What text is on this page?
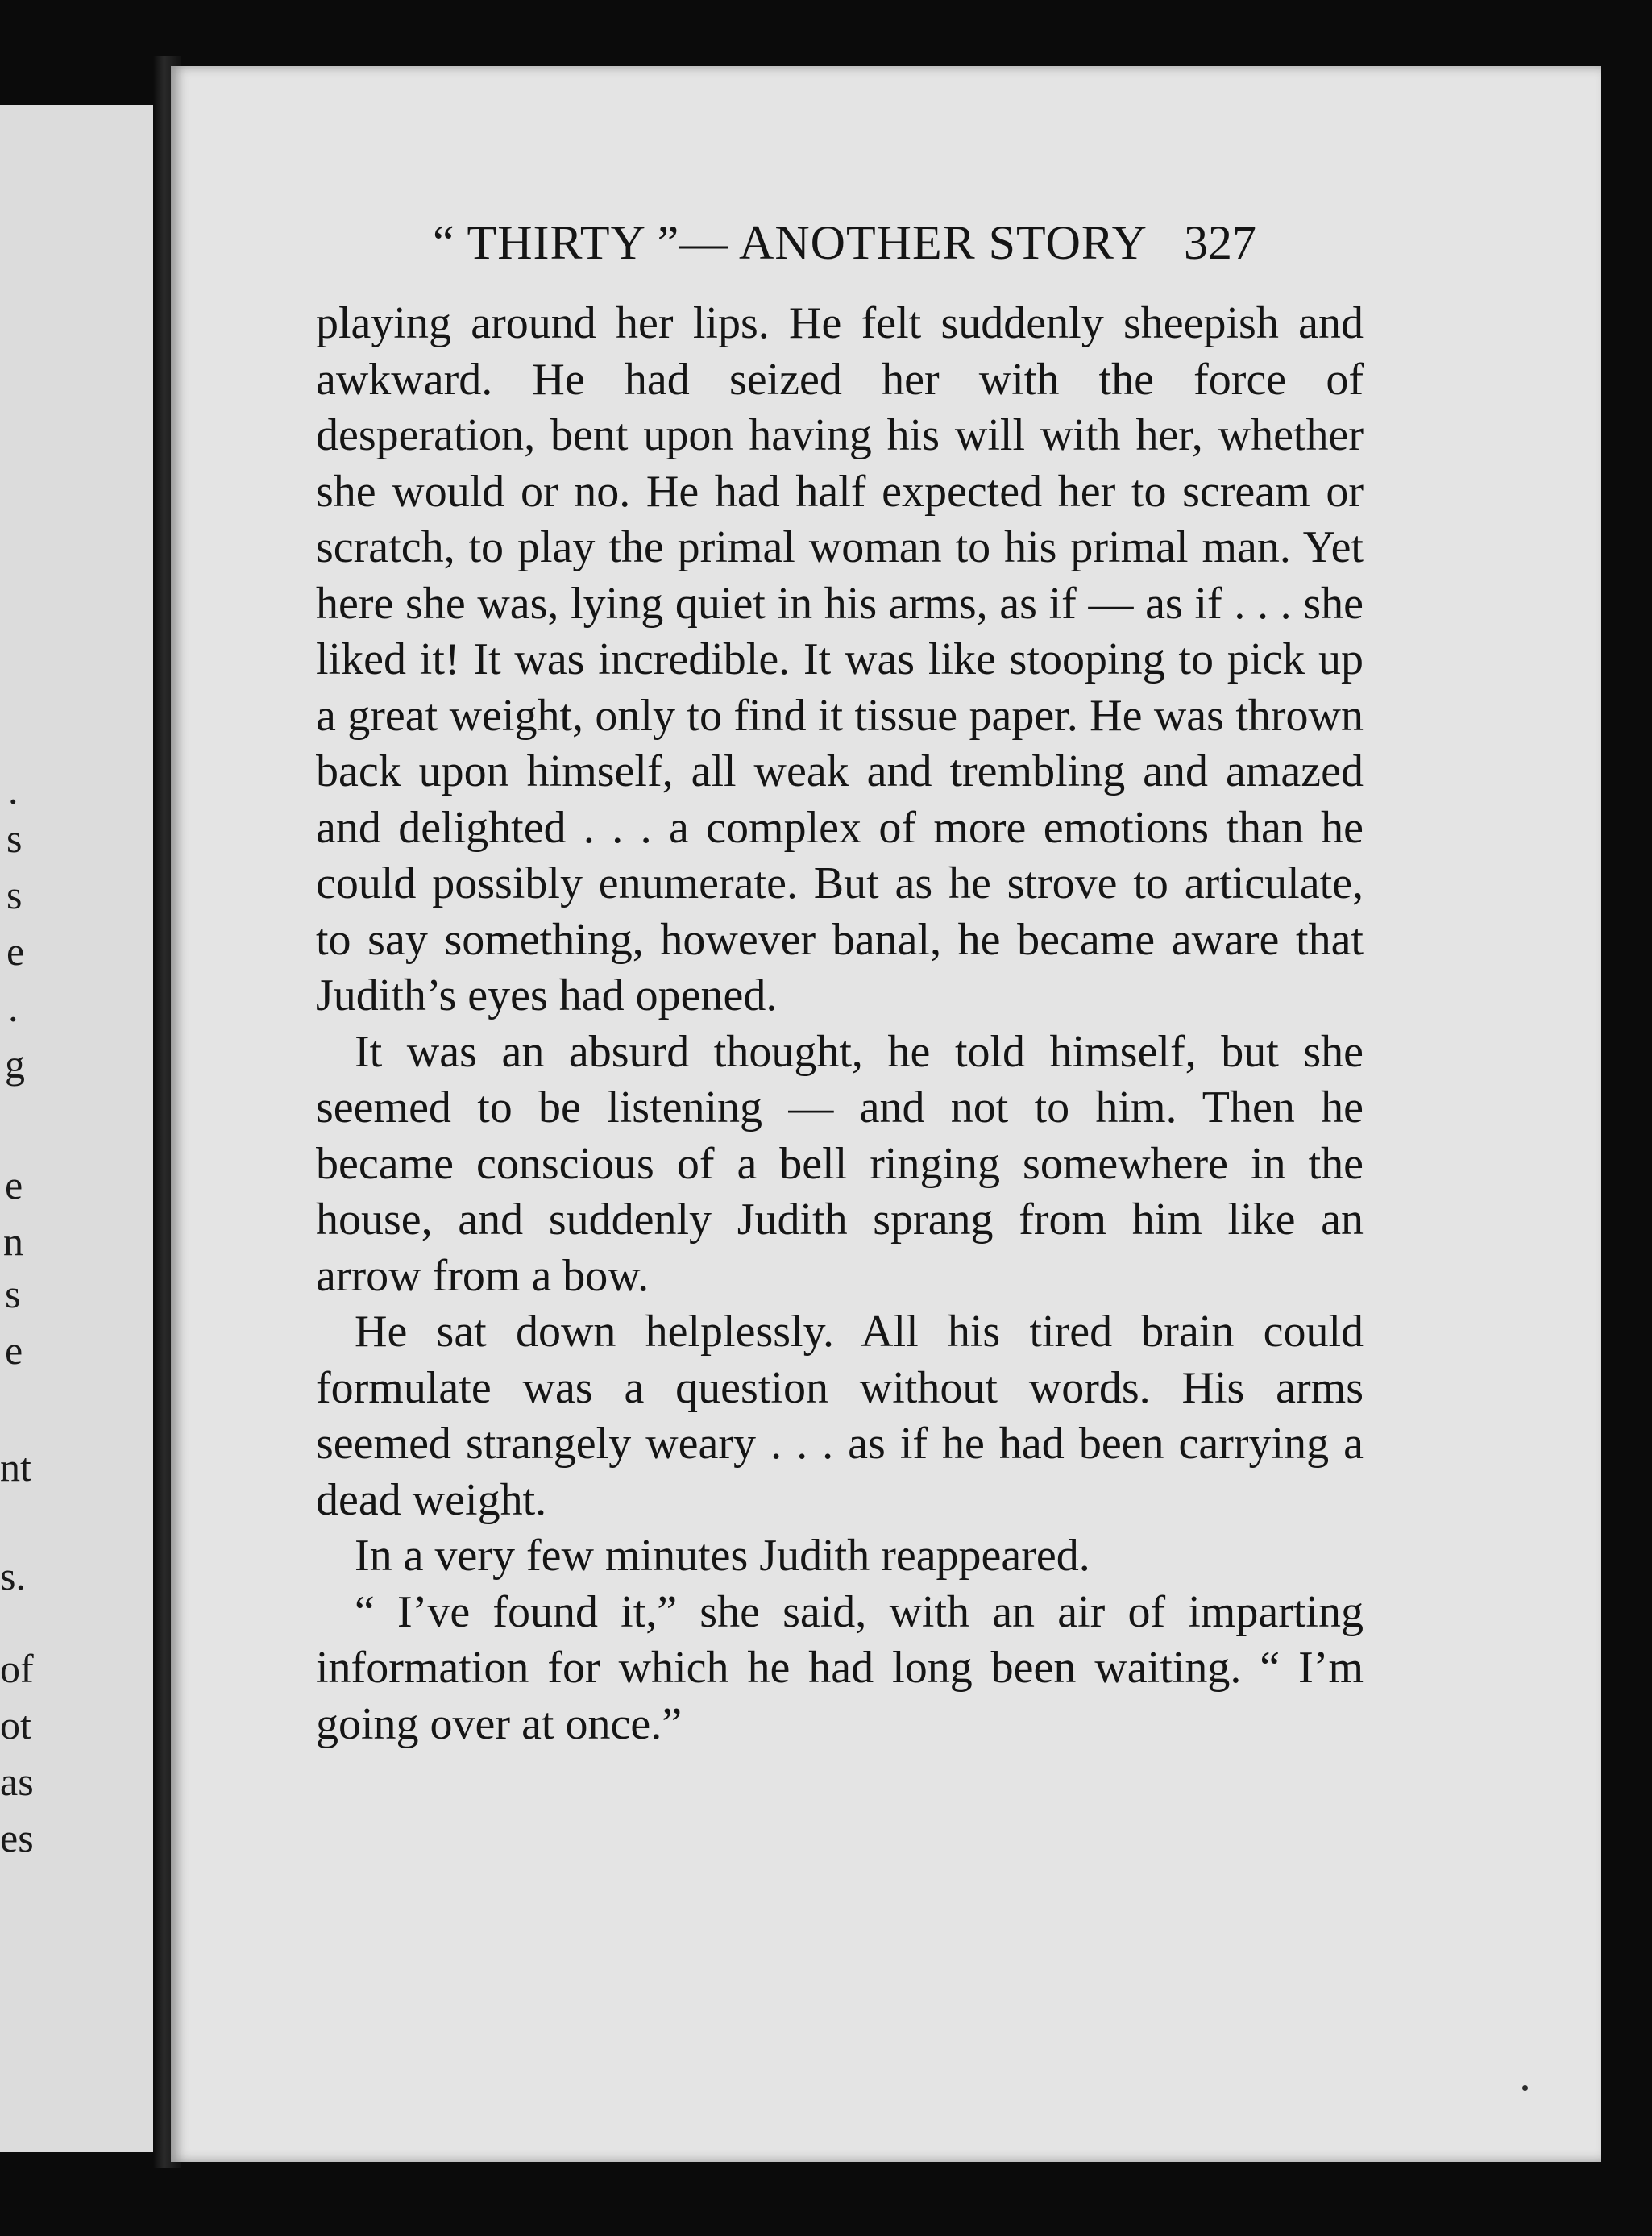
.
s
s
e
.
g
e
n
s
e
nt
s.
of
ot
as
es
“ THIRTY ”— ANOTHER STORY 327

playing around her lips. He felt suddenly sheepish and awkward. He had seized her with the force of desperation, bent upon having his will with her, whether she would or no. He had half expected her to scream or scratch, to play the primal woman to his primal man. Yet here she was, lying quiet in his arms, as if — as if . . . she liked it! It was incredible. It was like stooping to pick up a great weight, only to find it tissue paper. He was thrown back upon himself, all weak and trembling and amazed and delighted . . . a complex of more emotions than he could possibly enumerate. But as he strove to articulate, to say something, however banal, he became aware that Judith’s eyes had opened.

It was an absurd thought, he told himself, but she seemed to be listening — and not to him. Then he became conscious of a bell ringing somewhere in the house, and suddenly Judith sprang from him like an arrow from a bow.

He sat down helplessly. All his tired brain could formulate was a question without words. His arms seemed strangely weary . . . as if he had been carrying a dead weight.

In a very few minutes Judith reappeared.

“ I’ve found it,” she said, with an air of imparting information for which he had long been waiting. “ I’m going over at once.”
